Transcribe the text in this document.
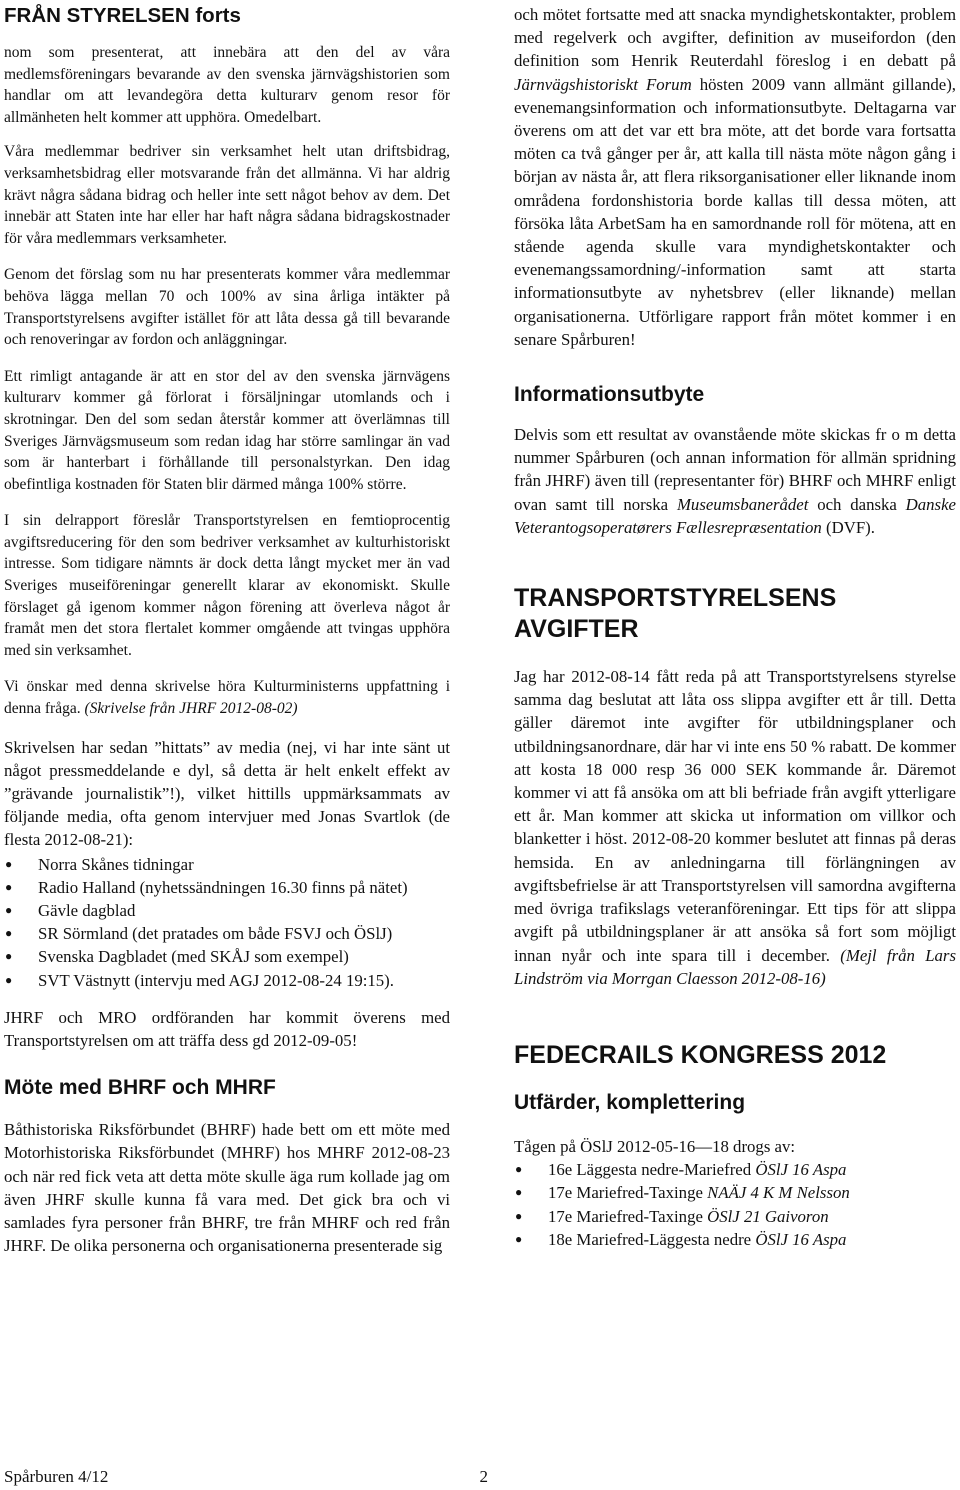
FRÅN STYRELSEN forts

nom som presenterat, att innebära att den del av våra medlemsföreningars bevarande av den svenska järnvägshistorien som handlar om att levandegöra detta kulturarv genom resor för allmänheten helt kommer att upphöra. Omedelbart.

Våra medlemmar bedriver sin verksamhet helt utan driftsbidrag, verksamhetsbidrag eller motsvarande från det allmänna. Vi har aldrig krävt några sådana bidrag och heller inte sett något behov av dem. Det innebär att Staten inte har eller har haft några sådana bidragskostnader för våra medlemmars verksamheter.

Genom det förslag som nu har presenterats kommer våra medlemmar behöva lägga mellan 70 och 100% av sina årliga intäkter på Transportstyrelsens avgifter istället för att låta dessa gå till bevarande och renoveringar av fordon och anläggningar.

Ett rimligt antagande är att en stor del av den svenska järnvägens kulturarv kommer gå förlorat i försäljningar utomlands och i skrotningar. Den del som sedan återstår kommer att överlämnas till Sveriges Järnvägsmuseum som redan idag har större samlingar än vad som är hanterbart i förhållande till personalstyrkan. Den idag obefintliga kostnaden för Staten blir därmed många 100% större.

I sin delrapport föreslår Transportstyrelsen en femtioprocentig avgiftsreducering för den som bedriver verksamhet av kulturhistoriskt intresse. Som tidigare nämnts är dock detta långt mycket mer än vad Sveriges museiföreningar generellt klarar av ekonomiskt. Skulle förslaget gå igenom kommer någon förening att överleva något år framåt men det stora flertalet kommer omgående att tvingas upphöra med sin verksamhet.

Vi önskar med denna skrivelse höra Kulturministerns uppfattning i denna fråga. (Skrivelse från JHRF 2012-08-02)

Skrivelsen har sedan ”hittats” av media (nej, vi har inte sänt ut något pressmeddelande e dyl, så detta är helt enkelt effekt av ”grävande journalistik”!), vilket hittills uppmärksammats av följande media, ofta genom intervjuer med Jonas Svartlok (de flesta 2012-08-21):

● Norra Skånes tidningar
● Radio Halland (nyhetssändningen 16.30 finns på nätet)
● Gävle dagblad
● SR Sörmland (det pratades om både FSVJ och ÖSlJ)
● Svenska Dagbladet (med SKÅJ som exempel)
● SVT Västnytt (intervju med AGJ 2012-08-24 19:15).

JHRF och MRO ordföranden har kommit överens med Transportstyrelsen om att träffa dess gd 2012-09-05!

Möte med BHRF och MHRF

Båthistoriska Riksförbundet (BHRF) hade bett om ett möte med Motorhistoriska Riksförbundet (MHRF) hos MHRF 2012-08-23 och när red fick veta att detta möte skulle äga rum kollade jag om även JHRF skulle kunna få vara med. Det gick bra och vi samlades fyra personer från BHRF, tre från MHRF och red från JHRF. De olika personerna och organisationerna presenterade sig

och mötet fortsatte med att snacka myndighetskontakter, problem med regelverk och avgifter, definition av museifordon (den definition som Henrik Reuterdahl föreslog i en debatt på Järnvägshistoriskt Forum hösten 2009 vann allmänt gillande), evenemangsinformation och informationsutbyte. Deltagarna var överens om att det var ett bra möte, att det borde vara fortsatta möten ca två gånger per år, att kalla till nästa möte någon gång i början av nästa år, att flera riksorganisationer eller liknande inom områdena fordonshistoria borde kallas till dessa möten, att försöka låta ArbetSam ha en samordnande roll för mötena, att en stående agenda skulle vara myndighetskontakter och evenemangssamordning/-information samt att starta informationsutbyte av nyhetsbrev (eller liknande) mellan organisationerna. Utförligare rapport från mötet kommer i en senare Spårburen!

Informationsutbyte

Delvis som ett resultat av ovanstående möte skickas fr o m detta nummer Spårburen (och annan information för allmän spridning från JHRF) även till (representanter för) BHRF och MHRF enligt ovan samt till norska Museumsbanerådet och danska Danske Veterantogsoperatørers Fællesrepræsentation (DVF).

TRANSPORTSTYRELSENS AVGIFTER

Jag har 2012-08-14 fått reda på att Transportstyrelsens styrelse samma dag beslutat att låta oss slippa avgifter ett år till. Detta gäller däremot inte avgifter för utbildningsplaner och utbildningsanordnare, där har vi inte ens 50 % rabatt. De kommer att kosta 18 000 resp 36 000 SEK kommande år. Däremot kommer vi att få ansöka om att bli befriade från avgift ytterligare ett år. Man kommer att skicka ut information om villkor och blanketter i höst. 2012-08-20 kommer beslutet att finnas på deras hemsida. En av anledningarna till förlängningen av avgiftsbefrielse är att Transportstyrelsen vill samordna avgifterna med övriga trafikslags veteranföreningar. Ett tips för att slippa avgift på utbildningsplaner är att ansöka så fort som möjligt innan nyår och inte spara till i december. (Mejl från Lars Lindström via Morrgan Claesson 2012-08-16)

FEDECRAILS KONGRESS 2012
Utfärder, komplettering

Tågen på ÖSlJ 2012-05-16—18 drogs av:

● 16e Läggesta nedre-Mariefred ÖSlJ 16 Aspa
● 17e Mariefred-Taxinge NAÄJ 4 K M Nelsson
● 17e Mariefred-Taxinge ÖSlJ 21 Gaivoron
● 18e Mariefred-Läggesta nedre ÖSlJ 16 Aspa
Spårburen 4/12	2
